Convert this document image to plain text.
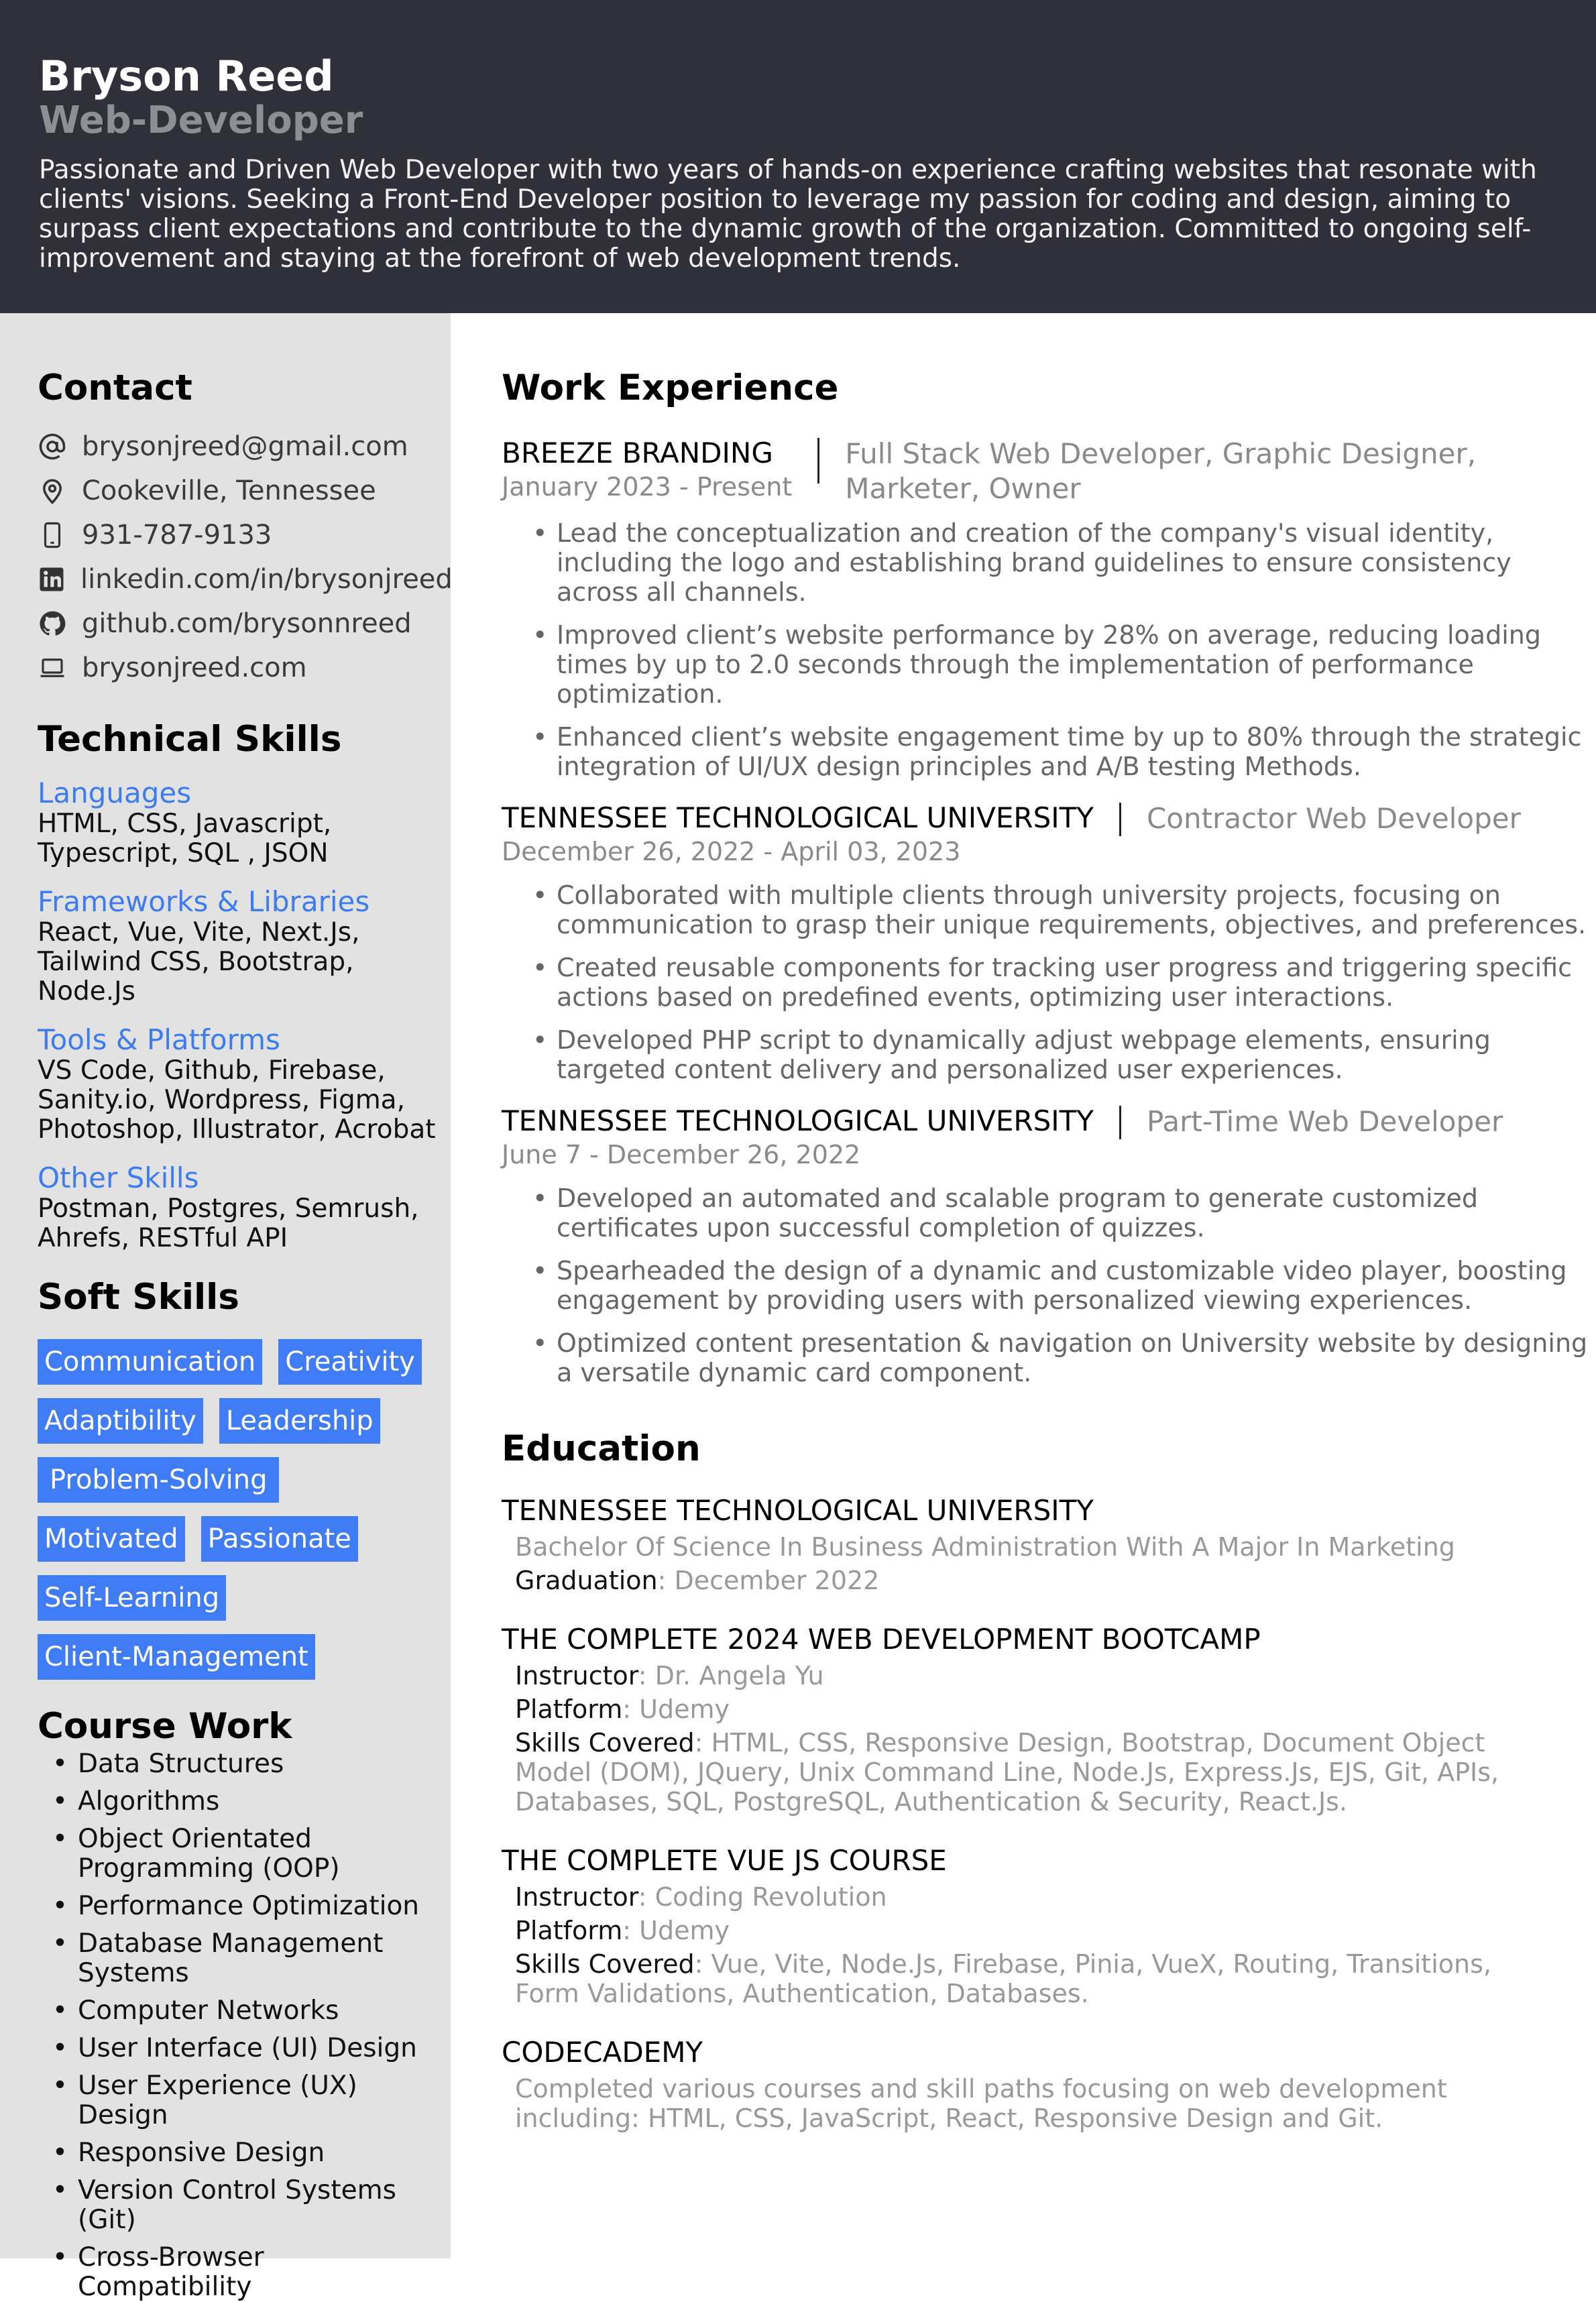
Bryson Reed
Web-Developer
Passionate and Driven Web Developer with two years of hands-on experience crafting websites that resonate with clients' visions. Seeking a Front-End Developer position to leverage my passion for coding and design, aiming to surpass client expectations and contribute to the dynamic growth of the organization. Committed to ongoing self-improvement and staying at the forefront of web development trends.
Contact
brysonjreed@gmail.com
Cookeville, Tennessee
931-787-9133
linkedin.com/in/brysonjreed
github.com/brysonnreed
brysonjreed.com
Technical Skills
Languages
HTML, CSS, Javascript, Typescript, SQL , JSON
Frameworks & Libraries
React, Vue, Vite, Next.Js, Tailwind CSS, Bootstrap, Node.Js
Tools & Platforms
VS Code, Github, Firebase, Sanity.io, Wordpress, Figma, Photoshop, Illustrator, Acrobat
Other Skills
Postman, Postgres, Semrush, Ahrefs, RESTful API
Soft Skills
Communication Creativity
Adaptibility Leadership
Problem-Solving
Motivated Passionate
Self-Learning
Client-Management
Course Work
• Data Structures
• Algorithms
• Object Orientated Programming (OOP)
• Performance Optimization
• Database Management Systems
• Computer Networks
• User Interface (UI) Design
• User Experience (UX) Design
• Responsive Design
• Version Control Systems (Git)
• Cross-Browser Compatibility
Work Experience
BREEZE BRANDING
January 2023 - Present
Full Stack Web Developer, Graphic Designer, Marketer, Owner
• Lead the conceptualization and creation of the company's visual identity, including the logo and establishing brand guidelines to ensure consistency across all channels.
• Improved client’s website performance by 28% on average, reducing loading times by up to 2.0 seconds through the implementation of performance optimization.
• Enhanced client’s website engagement time by up to 80% through the strategic integration of UI/UX design principles and A/B testing Methods.
TENNESSEE TECHNOLOGICAL UNIVERSITY
December 26, 2022 - April 03, 2023
Contractor Web Developer
• Collaborated with multiple clients through university projects, focusing on communication to grasp their unique requirements, objectives, and preferences.
• Created reusable components for tracking user progress and triggering specific actions based on predefined events, optimizing user interactions.
• Developed PHP script to dynamically adjust webpage elements, ensuring targeted content delivery and personalized user experiences.
TENNESSEE TECHNOLOGICAL UNIVERSITY
June 7 - December 26, 2022
Part-Time Web Developer
• Developed an automated and scalable program to generate customized certificates upon successful completion of quizzes.
• Spearheaded the design of a dynamic and customizable video player, boosting engagement by providing users with personalized viewing experiences.
• Optimized content presentation & navigation on University website by designing a versatile dynamic card component.
Education
TENNESSEE TECHNOLOGICAL UNIVERSITY
Bachelor Of Science In Business Administration With A Major In Marketing
Graduation: December 2022
THE COMPLETE 2024 WEB DEVELOPMENT BOOTCAMP
Instructor: Dr. Angela Yu
Platform: Udemy
Skills Covered: HTML, CSS, Responsive Design, Bootstrap, Document Object Model (DOM), JQuery, Unix Command Line, Node.Js, Express.Js, EJS, Git, APIs, Databases, SQL, PostgreSQL, Authentication & Security, React.Js.
THE COMPLETE VUE JS COURSE
Instructor: Coding Revolution
Platform: Udemy
Skills Covered: Vue, Vite, Node.Js, Firebase, Pinia, VueX, Routing, Transitions, Form Validations, Authentication, Databases.
CODECADEMY
Completed various courses and skill paths focusing on web development including: HTML, CSS, JavaScript, React, Responsive Design and Git.
